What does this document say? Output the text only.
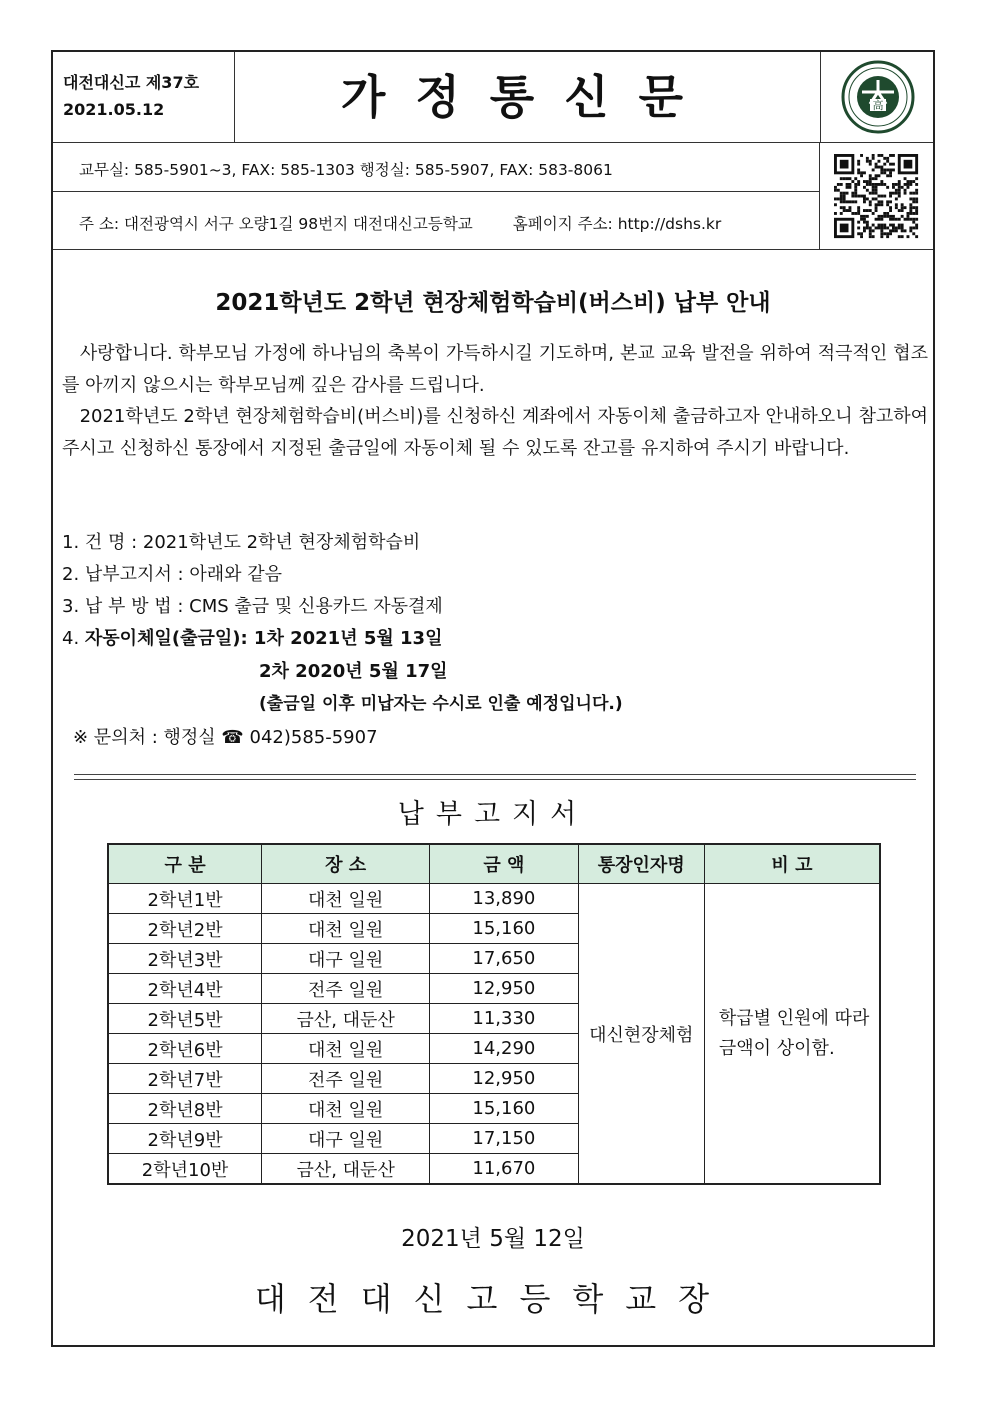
대전대신고 제37호
2021.05.12	가정통신문	高
교무실: 585-5901~3, FAX: 585-1303 행정실: 585-5907, FAX: 583-8061
주 소: 대전광역시 서구 오량1길 98번지 대전대신고등학교	홈페이지 주소: http://dshs.kr
2021학년도 2학년 현장체험학습비(버스비) 납부 안내
사랑합니다. 학부모님 가정에 하나님의 축복이 가득하시길 기도하며, 본교 교육 발전을 위하여 적극적인 협조를 아끼지 않으시는 학부모님께 깊은 감사를 드립니다.
2021학년도 2학년 현장체험학습비(버스비)를 신청하신 계좌에서 자동이체 출금하고자 안내하오니 참고하여 주시고 신청하신 통장에서 지정된 출금일에 자동이체 될 수 있도록 잔고를 유지하여 주시기 바랍니다.
1. 건 명 : 2021학년도 2학년 현장체험학습비
2. 납부고지서 : 아래와 같음
3. 납 부 방 법 : CMS 출금 및 신용카드 자동결제
4. 자동이체일(출금일): 1차 2021년 5월 13일
2차 2020년 5월 17일
(출금일 이후 미납자는 수시로 인출 예정입니다.)
※ 문의처 : 행정실 ☎ 042)585-5907
납부고지서
구 분	장 소	금 액	통장인자명	비 고
2학년1반	대천 일원	13,890	대신현장체험	학급별 인원에 따라 금액이 상이함.
2학년2반	대천 일원	15,160		
2학년3반	대구 일원	17,650		
2학년4반	전주 일원	12,950		
2학년5반	금산, 대둔산	11,330		
2학년6반	대천 일원	14,290		
2학년7반	전주 일원	12,950		
2학년8반	대천 일원	15,160		
2학년9반	대구 일원	17,150		
2학년10반	금산, 대둔산	11,670		
2021년 5월 12일
대전대신고등학교장
